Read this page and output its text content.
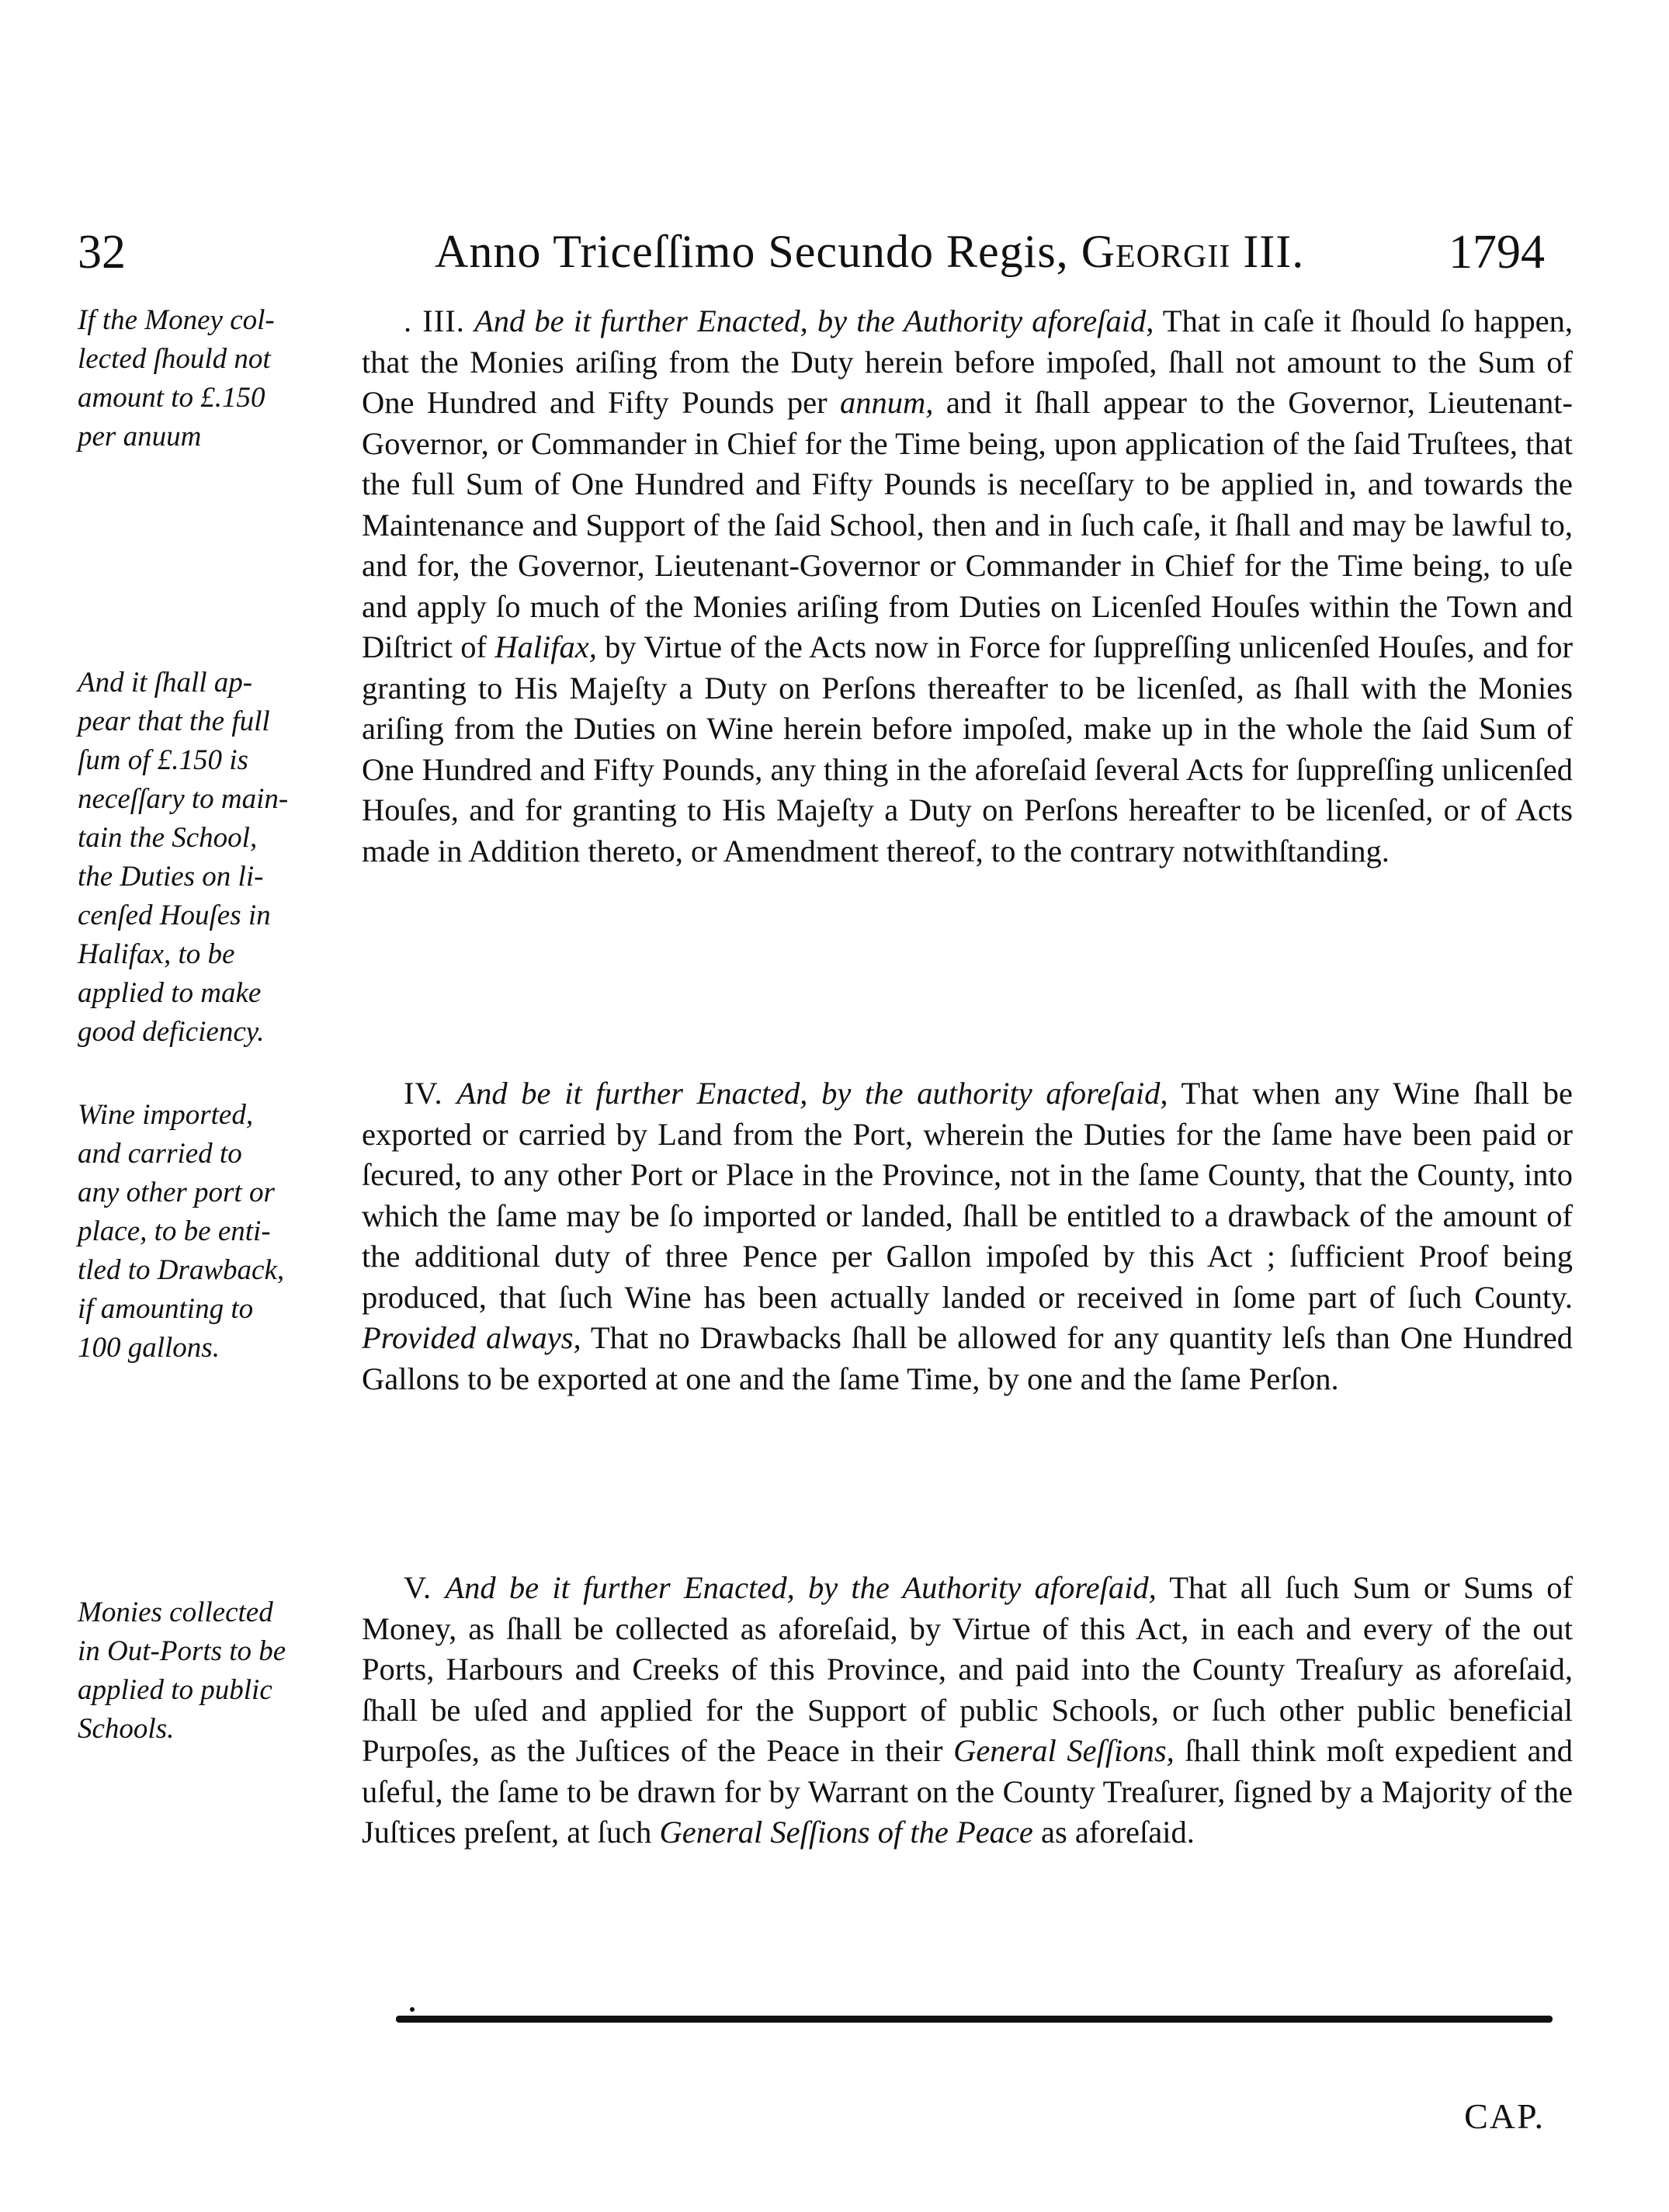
32	Anno Triceſſimo Secundo Regis, Georgii III.	1794
If the Money col-
lected ſhould not
amount to £.150
per anuum
And it ſhall ap-
pear that the full
ſum of £.150 is
neceſſary to main-
tain the School,
the Duties on li-
cenſed Houſes in
Halifax, to be
applied to make
good deficiency.
Wine imported,
and carried to
any other port or
place, to be enti-
tled to Drawback,
if amounting to
100 gallons.
Monies collected
in Out-Ports to be
applied to public
Schools.
. III. And be it further Enacted, by the Authority aforeſaid, That in caſe it ſhould ſo happen, that the Monies ariſing from the Duty herein before impoſed, ſhall not amount to the Sum of One Hundred and Fifty Pounds per annum, and it ſhall appear to the Governor, Lieutenant-Governor, or Commander in Chief for the Time being, upon application of the ſaid Truſtees, that the full Sum of One Hundred and Fifty Pounds is neceſſary to be applied in, and towards the Maintenance and Support of the ſaid School, then and in ſuch caſe, it ſhall and may be lawful to, and for, the Governor, Lieutenant-Governor or Commander in Chief for the Time being, to uſe and apply ſo much of the Monies ariſing from Duties on Licenſed Houſes within the Town and Diſtrict of Halifax, by Virtue of the Acts now in Force for ſuppreſſing unlicenſed Houſes, and for granting to His Majeſty a Duty on Perſons thereafter to be licenſed, as ſhall with the Monies ariſing from the Duties on Wine herein before impoſed, make up in the whole the ſaid Sum of One Hundred and Fifty Pounds, any thing in the aforeſaid ſeveral Acts for ſuppreſſing unlicenſed Houſes, and for granting to His Majeſty a Duty on Perſons hereafter to be licenſed, or of Acts made in Addition thereto, or Amendment thereof, to the contrary notwithſtanding.
IV. And be it further Enacted, by the authority aforeſaid, That when any Wine ſhall be exported or carried by Land from the Port, wherein the Duties for the ſame have been paid or ſecured, to any other Port or Place in the Province, not in the ſame County, that the County, into which the ſame may be ſo imported or landed, ſhall be entitled to a drawback of the amount of the additional duty of three Pence per Gallon impoſed by this Act ; ſufficient Proof being produced, that ſuch Wine has been actually landed or received in ſome part of ſuch County. Provided always, That no Drawbacks ſhall be allowed for any quantity leſs than One Hundred Gallons to be exported at one and the ſame Time, by one and the ſame Perſon.
V. And be it further Enacted, by the Authority aforeſaid, That all ſuch Sum or Sums of Money, as ſhall be collected as aforeſaid, by Virtue of this Act, in each and every of the out Ports, Harbours and Creeks of this Province, and paid into the County Treaſury as aforeſaid, ſhall be uſed and applied for the Support of public Schools, or ſuch other public beneficial Purpoſes, as the Juſtices of the Peace in their General Seſſions, ſhall think moſt expedient and uſeful, the ſame to be drawn for by Warrant on the County Treaſurer, ſigned by a Majority of the Juſtices preſent, at ſuch General Seſſions of the Peace as aforeſaid.
CAP.
